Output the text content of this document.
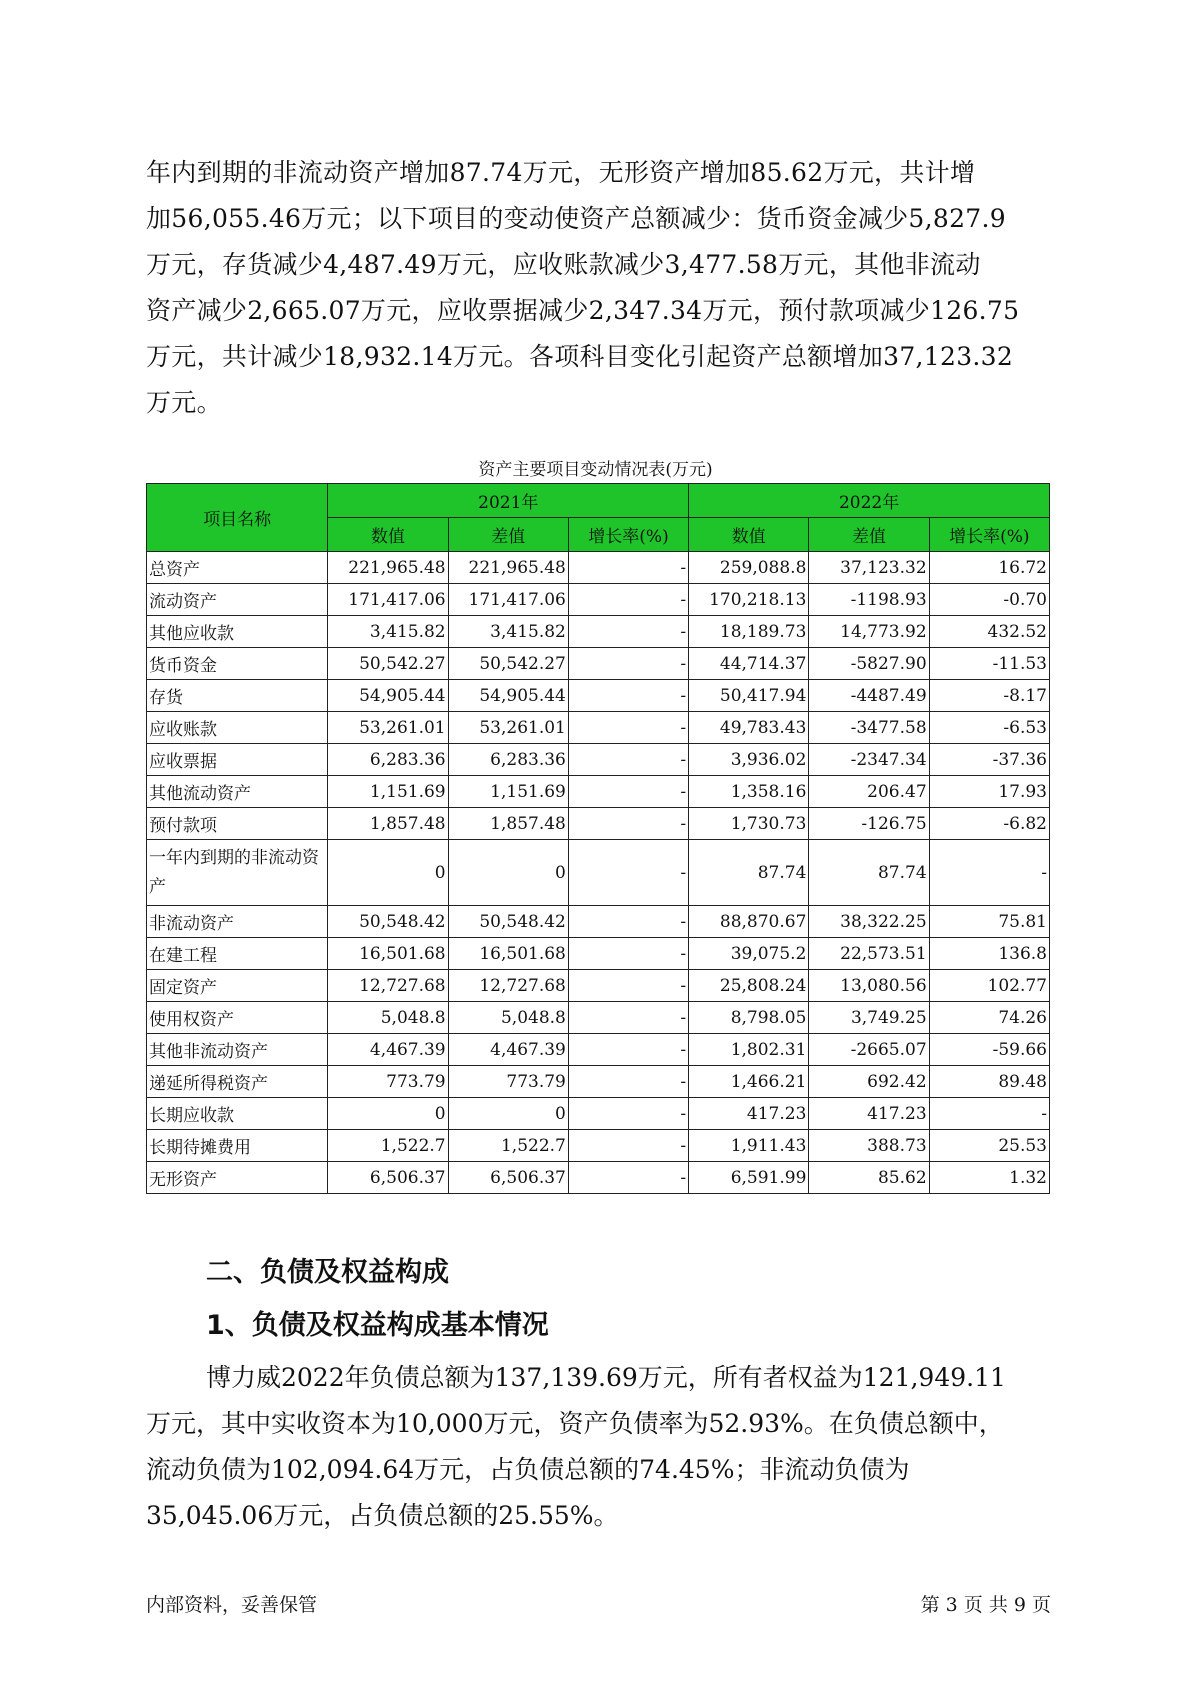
年内到期的非流动资产增加87.74万元，无形资产增加85.62万元，共计增

加56,055.46万元；以下项目的变动使资产总额减少：货币资金减少5,827.9

万元，存货减少4,487.49万元，应收账款减少3,477.58万元，其他非流动

资产减少2,665.07万元，应收票据减少2,347.34万元，预付款项减少126.75

万元，共计减少18,932.14万元。各项科目变化引起资产总额增加37,123.32

万元。

资产主要项目变动情况表(万元)
项目名称	2021年			2022年		
	数值	差值	增长率(%)	数值	差值	增长率(%)
总资产	221,965.48	221,965.48	-	259,088.8	37,123.32	16.72
流动资产	171,417.06	171,417.06	-	170,218.13	-1198.93	-0.70
其他应收款	3,415.82	3,415.82	-	18,189.73	14,773.92	432.52
货币资金	50,542.27	50,542.27	-	44,714.37	-5827.90	-11.53
存货	54,905.44	54,905.44	-	50,417.94	-4487.49	-8.17
应收账款	53,261.01	53,261.01	-	49,783.43	-3477.58	-6.53
应收票据	6,283.36	6,283.36	-	3,936.02	-2347.34	-37.36
其他流动资产	1,151.69	1,151.69	-	1,358.16	206.47	17.93
预付款项	1,857.48	1,857.48	-	1,730.73	-126.75	-6.82
一年内到期的非流动资产	0	0	-	87.74	87.74	-
非流动资产	50,548.42	50,548.42	-	88,870.67	38,322.25	75.81
在建工程	16,501.68	16,501.68	-	39,075.2	22,573.51	136.8
固定资产	12,727.68	12,727.68	-	25,808.24	13,080.56	102.77
使用权资产	5,048.8	5,048.8	-	8,798.05	3,749.25	74.26
其他非流动资产	4,467.39	4,467.39	-	1,802.31	-2665.07	-59.66
递延所得税资产	773.79	773.79	-	1,466.21	692.42	89.48
长期应收款	0	0	-	417.23	417.23	-
长期待摊费用	1,522.7	1,522.7	-	1,911.43	388.73	25.53
无形资产	6,506.37	6,506.37	-	6,591.99	85.62	1.32
二、负债及权益构成
1、负债及权益构成基本情况

博力威2022年负债总额为137,139.69万元，所有者权益为121,949.11

万元，其中实收资本为10,000万元，资产负债率为52.93%。在负债总额中，

流动负债为102,094.64万元，占负债总额的74.45%；非流动负债为

35,045.06万元，占负债总额的25.55%。

内部资料，妥善保管	第 3 页 共 9 页
